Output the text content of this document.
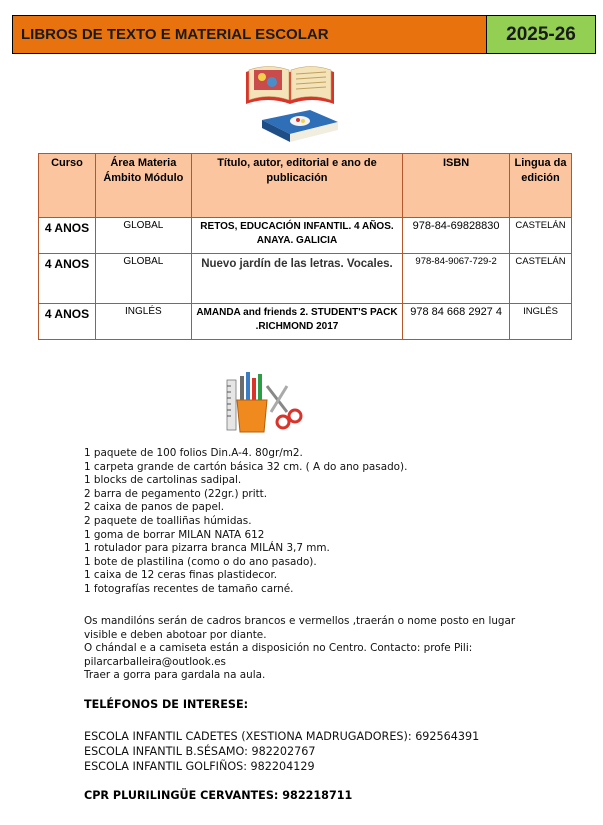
LIBROS DE TEXTO E MATERIAL ESCOLAR	2025-26
Curso	Área Materia Ámbito Módulo	Título, autor, editorial e ano de publicación	ISBN	Lingua da edición
4 ANOS	GLOBAL	RETOS, EDUCACIÓN INFANTIL. 4 AÑOS. ANAYA. GALICIA	978-84-69828830	CASTELÁN
4 ANOS	GLOBAL	Nuevo jardín de las letras. Vocales.	978-84-9067-729-2	CASTELÁN
4 ANOS	INGLÉS	AMANDA and friends 2. STUDENT'S PACK .RICHMOND 2017	978 84 668 2927 4	INGLÉS
1 paquete de 100 folios Din.A-4. 80gr/m2.
1 carpeta grande de cartón básica 32 cm. ( A do ano pasado).
1 blocks de cartolinas sadipal.
2 barra de pegamento (22gr.) pritt.
2 caixa de panos de papel.
2 paquete de toalliñas húmidas.
1 goma de borrar MILAN NATA 612
1 rotulador para pizarra branca MILÁN 3,7 mm.
1 bote de plastilina (como o do ano pasado).
1 caixa de 12 ceras finas plastidecor.
1 fotografías recentes de tamaño carné.

Os mandilóns serán de cadros brancos e vermellos ,traerán o nome posto en lugar visible e deben abotoar por diante.

O chándal e a camiseta están a disposición no Centro. Contacto: profe Pili: pilarcarballeira@outlook.es

Traer a gorra para gardala na aula.

TELÉFONOS DE INTERESE:
ESCOLA INFANTIL CADETES (XESTIONA MADRUGADORES): 692564391
ESCOLA INFANTIL B.SÉSAMO: 982202767
ESCOLA INFANTIL GOLFIÑOS: 982204129
CPR PLURILINGÜE CERVANTES: 982218711
